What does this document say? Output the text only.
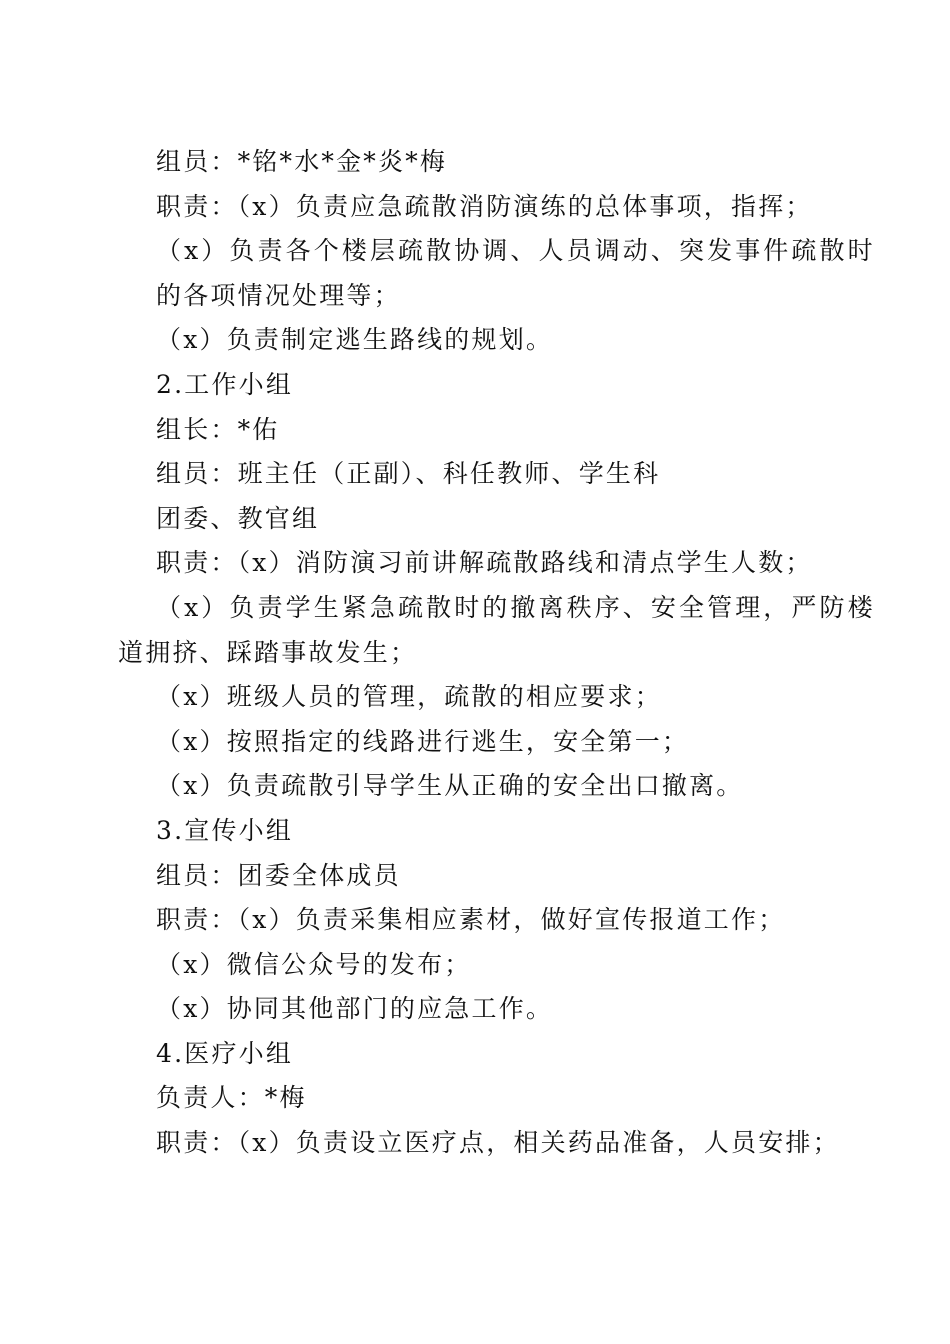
组员：*铭*水*金*炎*梅
职责：（x）负责应急疏散消防演练的总体事项，指挥；
（x）负责各个楼层疏散协调、人员调动、突发事件疏散时
的各项情况处理等；
（x）负责制定逃生路线的规划。
2.工作小组
组长：*佑
组员：班主任（正副）、科任教师、学生科
团委、教官组
职责：（x）消防演习前讲解疏散路线和清点学生人数；
（x）负责学生紧急疏散时的撤离秩序、安全管理，严防楼
道拥挤、踩踏事故发生；
（x）班级人员的管理，疏散的相应要求；
（x）按照指定的线路进行逃生，安全第一；
（x）负责疏散引导学生从正确的安全出口撤离。
3.宣传小组
组员：团委全体成员
职责：（x）负责采集相应素材，做好宣传报道工作；
（x）微信公众号的发布；
（x）协同其他部门的应急工作。
4.医疗小组
负责人：*梅
职责：（x）负责设立医疗点，相关药品准备，人员安排；
